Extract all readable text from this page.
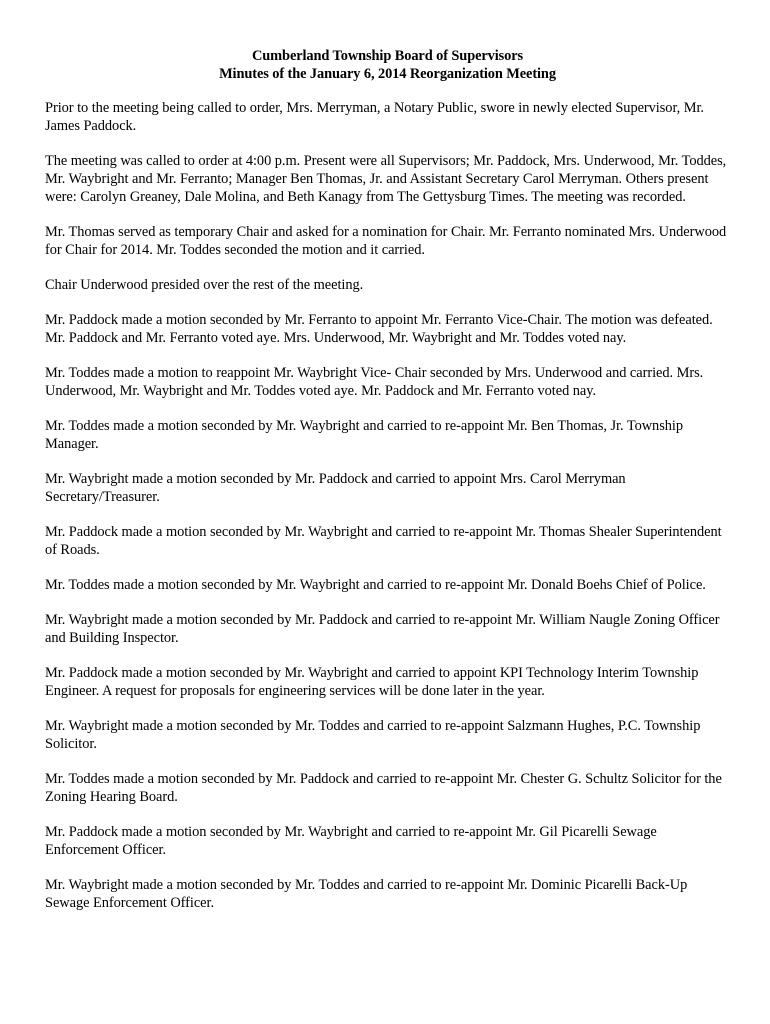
Cumberland Township Board of Supervisors
Minutes of the January 6, 2014 Reorganization Meeting

Prior to the meeting being called to order, Mrs. Merryman, a Notary Public, swore in newly elected Supervisor, Mr. James Paddock.

The meeting was called to order at 4:00 p.m. Present were all Supervisors; Mr. Paddock, Mrs. Underwood, Mr. Toddes, Mr. Waybright and Mr. Ferranto; Manager Ben Thomas, Jr. and Assistant Secretary Carol Merryman. Others present were: Carolyn Greaney, Dale Molina, and Beth Kanagy from The Gettysburg Times. The meeting was recorded.

Mr. Thomas served as temporary Chair and asked for a nomination for Chair. Mr. Ferranto nominated Mrs. Underwood for Chair for 2014. Mr. Toddes seconded the motion and it carried.

Chair Underwood presided over the rest of the meeting.

Mr. Paddock made a motion seconded by Mr. Ferranto to appoint Mr. Ferranto Vice-Chair. The motion was defeated. Mr. Paddock and Mr. Ferranto voted aye. Mrs. Underwood, Mr. Waybright and Mr. Toddes voted nay.

Mr. Toddes made a motion to reappoint Mr. Waybright Vice- Chair seconded by Mrs. Underwood and carried. Mrs. Underwood, Mr. Waybright and Mr. Toddes voted aye. Mr. Paddock and Mr. Ferranto voted nay.

Mr. Toddes made a motion seconded by Mr. Waybright and carried to re-appoint Mr. Ben Thomas, Jr. Township Manager.

Mr. Waybright made a motion seconded by Mr. Paddock and carried to appoint Mrs. Carol Merryman Secretary/Treasurer.

Mr. Paddock made a motion seconded by Mr. Waybright and carried to re-appoint Mr. Thomas Shealer Superintendent of Roads.

Mr. Toddes made a motion seconded by Mr. Waybright and carried to re-appoint Mr. Donald Boehs Chief of Police.

Mr. Waybright made a motion seconded by Mr. Paddock and carried to re-appoint Mr. William Naugle Zoning Officer and Building Inspector.

Mr. Paddock made a motion seconded by Mr. Waybright and carried to appoint KPI Technology Interim Township Engineer. A request for proposals for engineering services will be done later in the year.

Mr. Waybright made a motion seconded by Mr. Toddes and carried to re-appoint Salzmann Hughes, P.C. Township Solicitor.

Mr. Toddes made a motion seconded by Mr. Paddock and carried to re-appoint Mr. Chester G. Schultz Solicitor for the Zoning Hearing Board.

Mr. Paddock made a motion seconded by Mr. Waybright and carried to re-appoint Mr. Gil Picarelli Sewage Enforcement Officer.

Mr. Waybright made a motion seconded by Mr. Toddes and carried to re-appoint Mr. Dominic Picarelli Back-Up Sewage Enforcement Officer.
